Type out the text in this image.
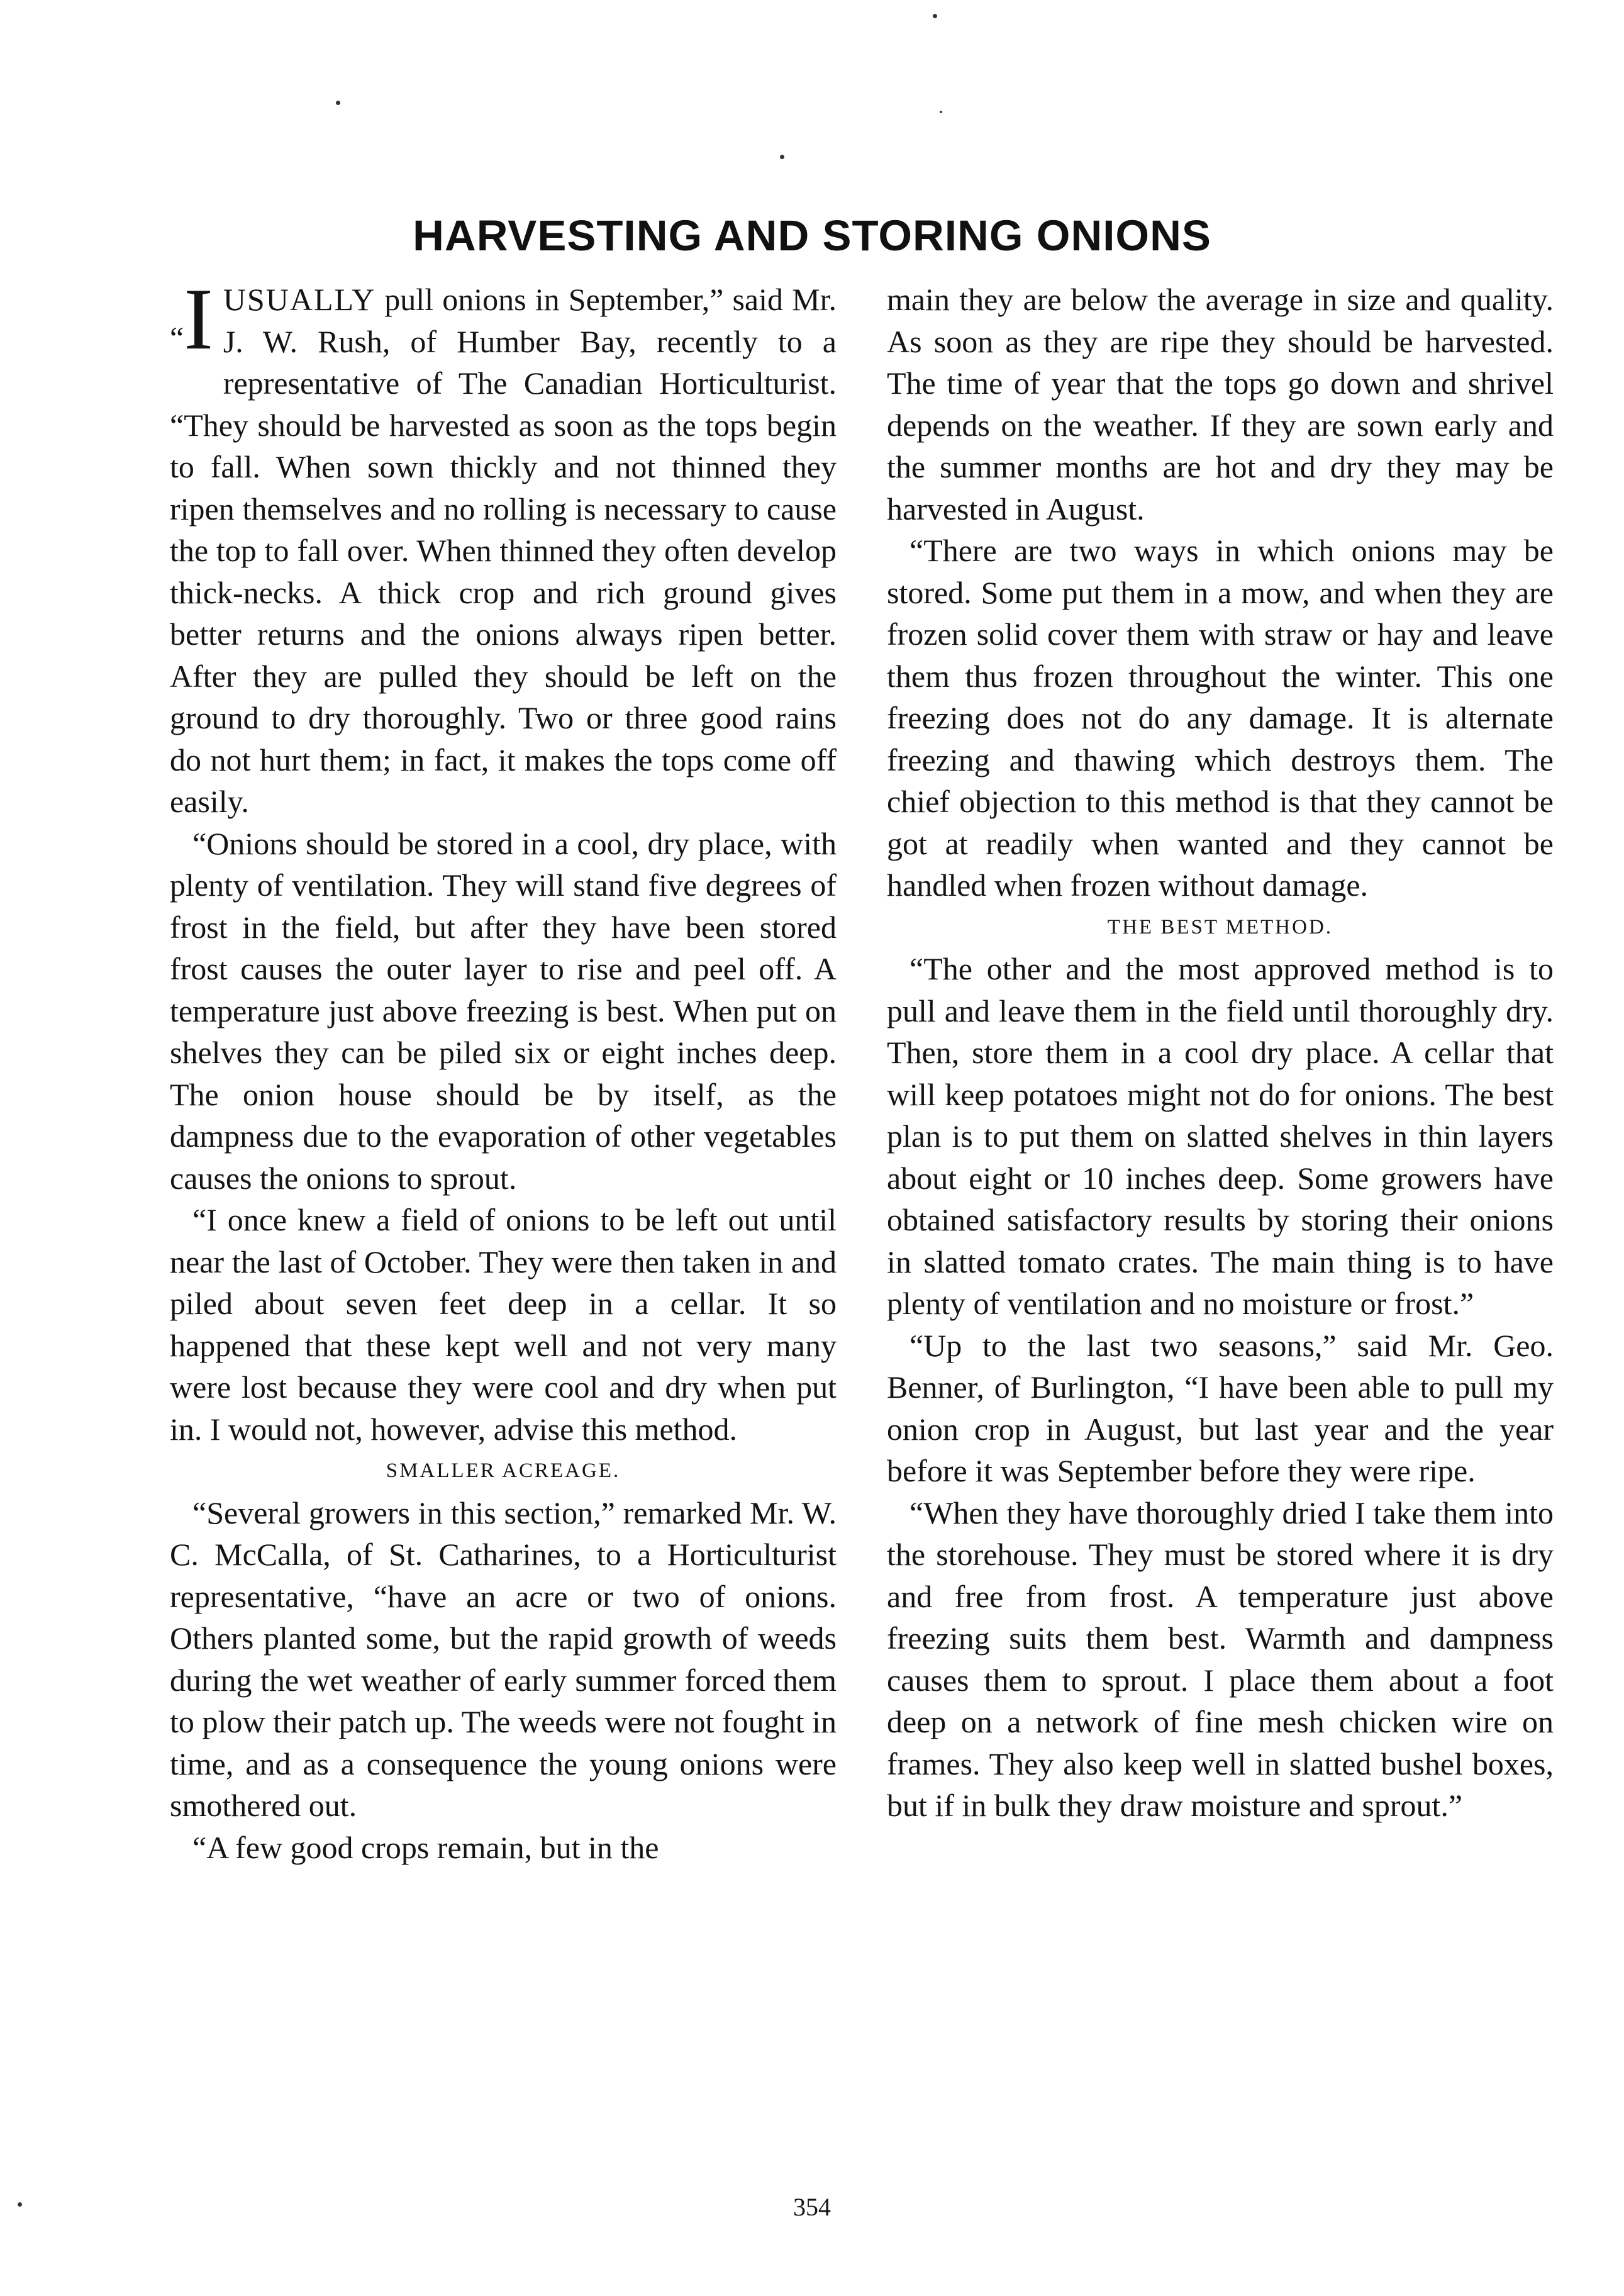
HARVESTING AND STORING ONIONS

“I USUALLY pull onions in September,” said Mr. J. W. Rush, of Humber Bay, recently to a representative of The Canadian Horticulturist. “They should be harvested as soon as the tops begin to fall. When sown thickly and not thinned they ripen themselves and no rolling is necessary to cause the top to fall over. When thinned they often develop thick-necks. A thick crop and rich ground gives better returns and the onions always ripen better. After they are pulled they should be left on the ground to dry thoroughly. Two or three good rains do not hurt them; in fact, it makes the tops come off easily.

“Onions should be stored in a cool, dry place, with plenty of ventilation. They will stand five degrees of frost in the field, but after they have been stored frost causes the outer layer to rise and peel off. A temperature just above freezing is best. When put on shelves they can be piled six or eight inches deep. The onion house should be by itself, as the dampness due to the evaporation of other vegetables causes the onions to sprout.

“I once knew a field of onions to be left out until near the last of October. They were then taken in and piled about seven feet deep in a cellar. It so happened that these kept well and not very many were lost because they were cool and dry when put in. I would not, however, advise this method.

SMALLER ACREAGE.

“Several growers in this section,” remarked Mr. W. C. McCalla, of St. Catharines, to a Horticulturist representative, “have an acre or two of onions. Others planted some, but the rapid growth of weeds during the wet weather of early summer forced them to plow their patch up. The weeds were not fought in time, and as a consequence the young onions were smothered out.

“A few good crops remain, but in the

main they are below the average in size and quality. As soon as they are ripe they should be harvested. The time of year that the tops go down and shrivel depends on the weather. If they are sown early and the summer months are hot and dry they may be harvested in August.

“There are two ways in which onions may be stored. Some put them in a mow, and when they are frozen solid cover them with straw or hay and leave them thus frozen throughout the winter. This one freezing does not do any damage. It is alternate freezing and thawing which destroys them. The chief objection to this method is that they cannot be got at readily when wanted and they cannot be handled when frozen without damage.

THE BEST METHOD.

“The other and the most approved method is to pull and leave them in the field until thoroughly dry. Then, store them in a cool dry place. A cellar that will keep potatoes might not do for onions. The best plan is to put them on slatted shelves in thin layers about eight or 10 inches deep. Some growers have obtained satisfactory results by storing their onions in slatted tomato crates. The main thing is to have plenty of ventilation and no moisture or frost.”

“Up to the last two seasons,” said Mr. Geo. Benner, of Burlington, “I have been able to pull my onion crop in August, but last year and the year before it was September before they were ripe.

“When they have thoroughly dried I take them into the storehouse. They must be stored where it is dry and free from frost. A temperature just above freezing suits them best. Warmth and dampness causes them to sprout. I place them about a foot deep on a network of fine mesh chicken wire on frames. They also keep well in slatted bushel boxes, but if in bulk they draw moisture and sprout.”

354
